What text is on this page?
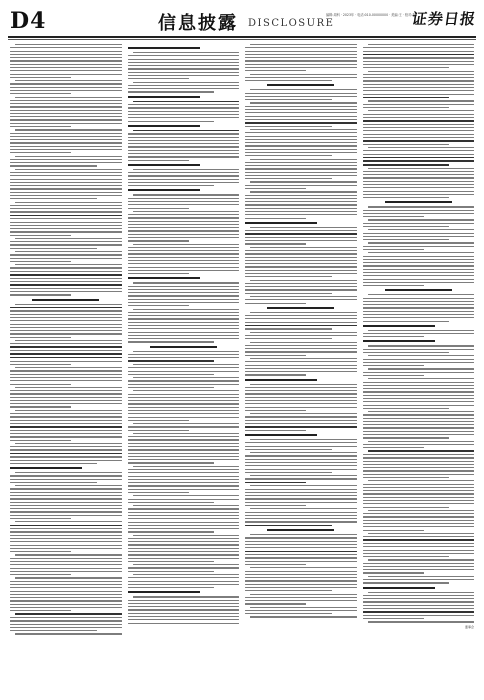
D4	信息披露 DISCLOSURE
编辑:周科 · 2023年 · 电话:010-00000000 · 美编:王 · 校对:李
证券日报
董事会
